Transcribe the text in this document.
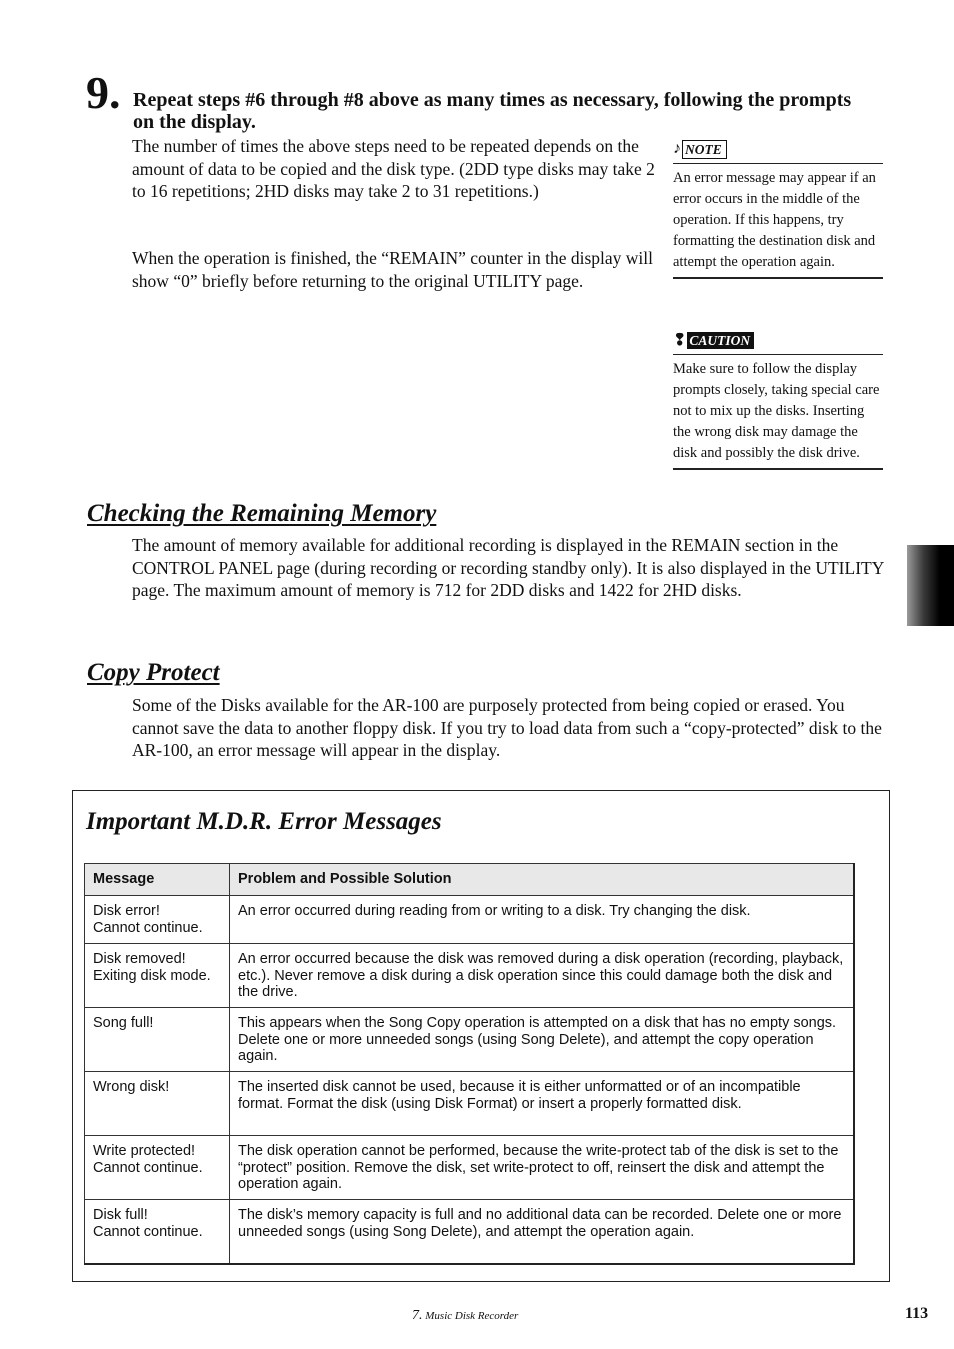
9. Repeat steps #6 through #8 above as many times as necessary, following the prompts on the display.
The number of times the above steps need to be repeated depends on the amount of data to be copied and the disk type. (2DD type disks may take 2 to 16 repetitions; 2HD disks may take 2 to 31 repetitions.)
When the operation is finished, the “REMAIN” counter in the display will show “0” briefly before returning to the original UTILITY page.
♪ NOTE
An error message may appear if an error occurs in the middle of the operation. If this happens, try formatting the destination disk and attempt the operation again.
❢ CAUTION
Make sure to follow the display prompts closely, taking special care not to mix up the disks. Inserting the wrong disk may damage the disk and possibly the disk drive.
Checking the Remaining Memory
The amount of memory available for additional recording is displayed in the REMAIN section in the CONTROL PANEL page (during recording or recording standby only). It is also displayed in the UTILITY page. The maximum amount of memory is 712 for 2DD disks and 1422 for 2HD disks.
Copy Protect
Some of the Disks available for the AR-100 are purposely protected from being copied or erased. You cannot save the data to another floppy disk. If you try to load data from such a “copy-protected” disk to the AR-100, an error message will appear in the display.
Important M.D.R. Error Messages
Message	Problem and Possible Solution
Disk error!
Cannot continue.	An error occurred during reading from or writing to a disk. Try changing the disk.
Disk removed!
Exiting disk mode.	An error occurred because the disk was removed during a disk operation (recording, playback, etc.). Never remove a disk during a disk operation since this could damage both the disk and the drive.
Song full!	This appears when the Song Copy operation is attempted on a disk that has no empty songs. Delete one or more unneeded songs (using Song Delete), and attempt the copy operation again.
Wrong disk!	The inserted disk cannot be used, because it is either unformatted or of an incompatible format. Format the disk (using Disk Format) or insert a properly formatted disk.
Write protected!
Cannot continue.	The disk operation cannot be performed, because the write-protect tab of the disk is set to the “protect” position. Remove the disk, set write-protect to off, reinsert the disk and attempt the operation again.
Disk full!
Cannot continue.	The disk’s memory capacity is full and no additional data can be recorded. Delete one or more unneeded songs (using Song Delete), and attempt the operation again.
7. Music Disk Recorder	113
